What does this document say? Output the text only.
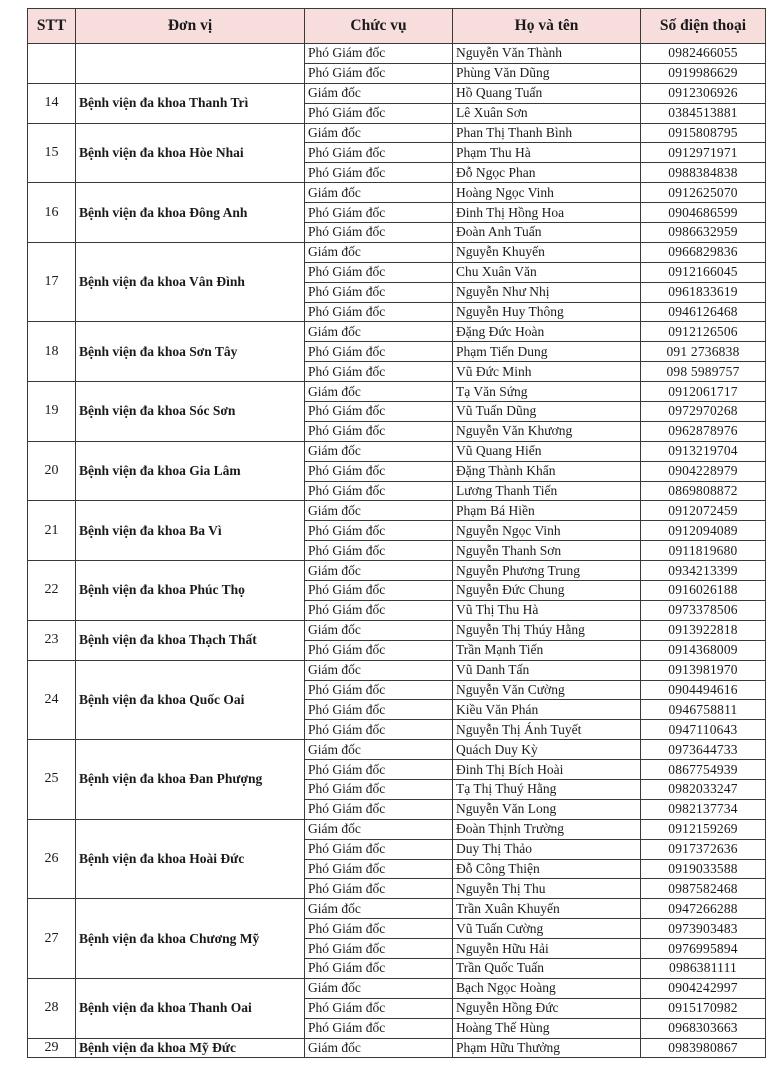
STT	Đơn vị	Chức vụ	Họ và tên	Số điện thoại
		Phó Giám đốc	Nguyễn Văn Thành	0982466055
		Phó Giám đốc	Phùng Văn Dũng	0919986629
14	Bệnh viện đa khoa Thanh Trì	Giám đốc	Hồ Quang Tuấn	0912306926
		Phó Giám đốc	Lê Xuân Sơn	0384513881
15	Bệnh viện đa khoa Hòe Nhai	Giám đốc	Phan Thị Thanh Bình	0915808795
		Phó Giám đốc	Phạm Thu Hà	0912971971
		Phó Giám đốc	Đỗ Ngọc Phan	0988384838
16	Bệnh viện đa khoa Đông Anh	Giám đốc	Hoàng Ngọc Vinh	0912625070
		Phó Giám đốc	Đinh Thị Hồng Hoa	0904686599
		Phó Giám đốc	Đoàn Anh Tuấn	0986632959
17	Bệnh viện đa khoa Vân Đình	Giám đốc	Nguyễn Khuyến	0966829836
		Phó Giám đốc	Chu Xuân Văn	0912166045
		Phó Giám đốc	Nguyễn Như Nhị	0961833619
		Phó Giám đốc	Nguyễn Huy Thông	0946126468
18	Bệnh viện đa khoa Sơn Tây	Giám đốc	Đặng Đức Hoàn	0912126506
		Phó Giám đốc	Phạm Tiến Dung	091 2736838
		Phó Giám đốc	Vũ Đức Minh	098 5989757
19	Bệnh viện đa khoa Sóc Sơn	Giám đốc	Tạ Văn Sứng	0912061717
		Phó Giám đốc	Vũ Tuấn Dũng	0972970268
		Phó Giám đốc	Nguyễn Văn Khương	0962878976
20	Bệnh viện đa khoa Gia Lâm	Giám đốc	Vũ Quang Hiển	0913219704
		Phó Giám đốc	Đặng Thành Khẩn	0904228979
		Phó Giám đốc	Lương Thanh Tiến	0869808872
21	Bệnh viện đa khoa Ba Vì	Giám đốc	Phạm Bá Hiền	0912072459
		Phó Giám đốc	Nguyễn Ngọc Vinh	0912094089
		Phó Giám đốc	Nguyễn Thanh Sơn	0911819680
22	Bệnh viện đa khoa Phúc Thọ	Giám đốc	Nguyễn Phương Trung	0934213399
		Phó Giám đốc	Nguyễn Đức Chung	0916026188
		Phó Giám đốc	Vũ Thị Thu Hà	0973378506
23	Bệnh viện đa khoa Thạch Thất	Giám đốc	Nguyễn Thị Thúy Hằng	0913922818
		Phó Giám đốc	Trần Mạnh Tiến	0914368009
24	Bệnh viện đa khoa Quốc Oai	Giám đốc	Vũ Danh Tấn	0913981970
		Phó Giám đốc	Nguyễn Văn Cường	0904494616
		Phó Giám đốc	Kiều Văn Phán	0946758811
		Phó Giám đốc	Nguyễn Thị Ánh Tuyết	0947110643
25	Bệnh viện đa khoa Đan Phượng	Giám đốc	Quách Duy Kỳ	0973644733
		Phó Giám đốc	Đinh Thị Bích Hoài	0867754939
		Phó Giám đốc	Tạ Thị Thuý Hằng	0982033247
		Phó Giám đốc	Nguyễn Văn Long	0982137734
26	Bệnh viện đa khoa Hoài Đức	Giám đốc	Đoàn Thịnh Trường	0912159269
		Phó Giám đốc	Duy Thị Thảo	0917372636
		Phó Giám đốc	Đỗ Công Thiện	0919033588
		Phó Giám đốc	Nguyễn Thị Thu	0987582468
27	Bệnh viện đa khoa Chương Mỹ	Giám đốc	Trần Xuân Khuyến	0947266288
		Phó Giám đốc	Vũ Tuấn Cường	0973903483
		Phó Giám đốc	Nguyễn Hữu Hải	0976995894
		Phó Giám đốc	Trần Quốc Tuấn	0986381111
28	Bệnh viện đa khoa Thanh Oai	Giám đốc	Bạch Ngọc Hoàng	0904242997
		Phó Giám đốc	Nguyễn Hồng Đức	0915170982
		Phó Giám đốc	Hoàng Thế Hùng	0968303663
29	Bệnh viện đa khoa Mỹ Đức	Giám đốc	Phạm Hữu Thưởng	0983980867
